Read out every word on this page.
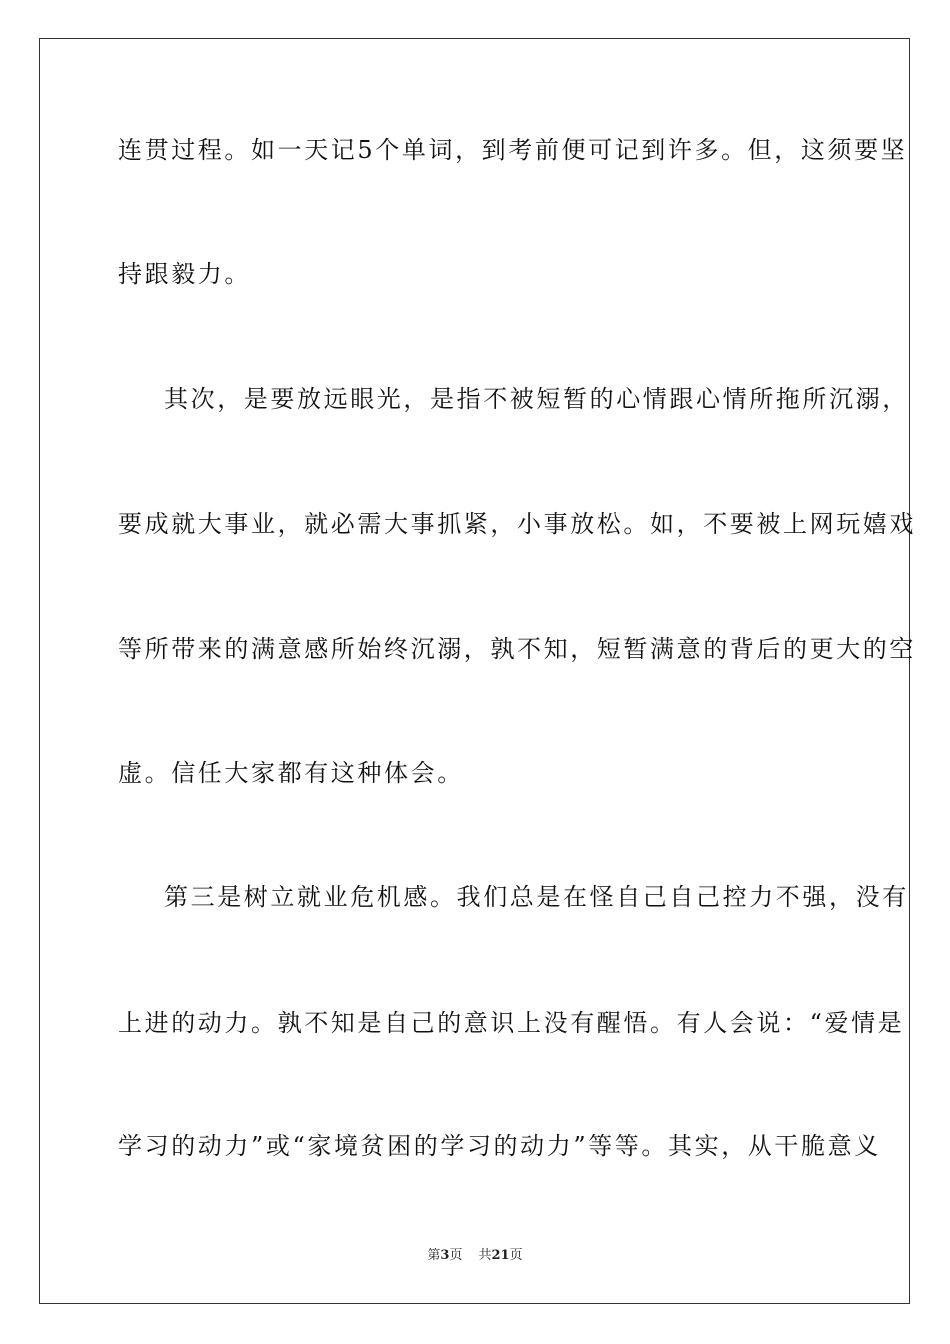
连贯过程。如一天记5个单词，到考前便可记到许多。但，这须要坚
持跟毅力。
其次，是要放远眼光，是指不被短暂的心情跟心情所拖所沉溺，
要成就大事业，就必需大事抓紧，小事放松。如，不要被上网玩嬉戏
等所带来的满意感所始终沉溺，孰不知，短暂满意的背后的更大的空
虚。信任大家都有这种体会。
第三是树立就业危机感。我们总是在怪自己自己控力不强，没有
上进的动力。孰不知是自己的意识上没有醒悟。有人会说：“爱情是
学习的动力”或“家境贫困的学习的动力”等等。其实，从干脆意义
第3页 共21页
